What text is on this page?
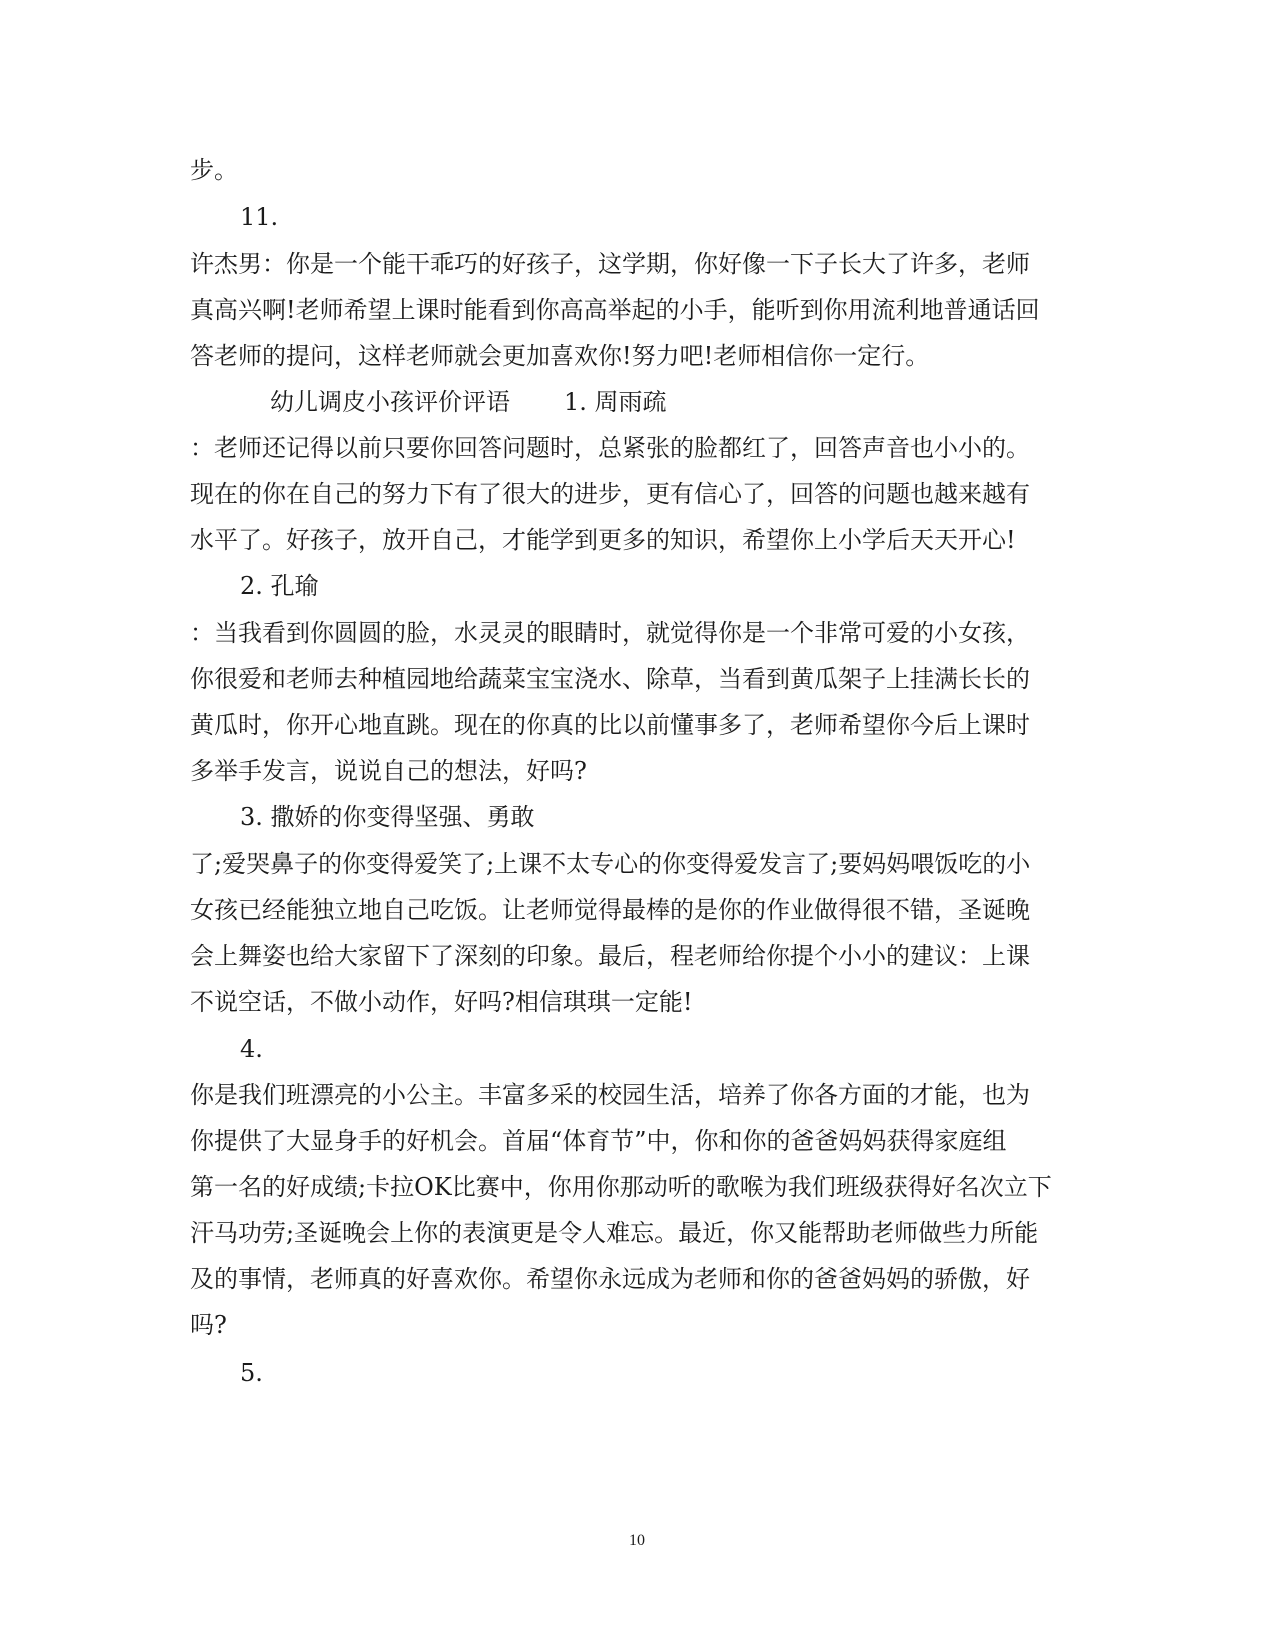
步。
11.
许杰男：你是一个能干乖巧的好孩子，这学期，你好像一下子长大了许多，老师
真高兴啊!老师希望上课时能看到你高高举起的小手，能听到你用流利地普通话回
答老师的提问，这样老师就会更加喜欢你!努力吧!老师相信你一定行。
幼儿调皮小孩评价评语 1. 周雨疏
：老师还记得以前只要你回答问题时，总紧张的脸都红了，回答声音也小小的。
现在的你在自己的努力下有了很大的进步，更有信心了，回答的问题也越来越有
水平了。好孩子，放开自己，才能学到更多的知识，希望你上小学后天天开心!
2. 孔瑜
：当我看到你圆圆的脸，水灵灵的眼睛时，就觉得你是一个非常可爱的小女孩，
你很爱和老师去种植园地给蔬菜宝宝浇水、除草，当看到黄瓜架子上挂满长长的
黄瓜时，你开心地直跳。现在的你真的比以前懂事多了，老师希望你今后上课时
多举手发言，说说自己的想法，好吗?
3. 撒娇的你变得坚强、勇敢
了;爱哭鼻子的你变得爱笑了;上课不太专心的你变得爱发言了;要妈妈喂饭吃的小
女孩已经能独立地自己吃饭。让老师觉得最棒的是你的作业做得很不错，圣诞晚
会上舞姿也给大家留下了深刻的印象。最后，程老师给你提个小小的建议：上课
不说空话，不做小动作，好吗?相信琪琪一定能!
4.
你是我们班漂亮的小公主。丰富多采的校园生活，培养了你各方面的才能，也为
你提供了大显身手的好机会。首届“体育节”中，你和你的爸爸妈妈获得家庭组
第一名的好成绩;卡拉OK比赛中，你用你那动听的歌喉为我们班级获得好名次立下
汗马功劳;圣诞晚会上你的表演更是令人难忘。最近，你又能帮助老师做些力所能
及的事情，老师真的好喜欢你。希望你永远成为老师和你的爸爸妈妈的骄傲，好
吗?
5.
10
